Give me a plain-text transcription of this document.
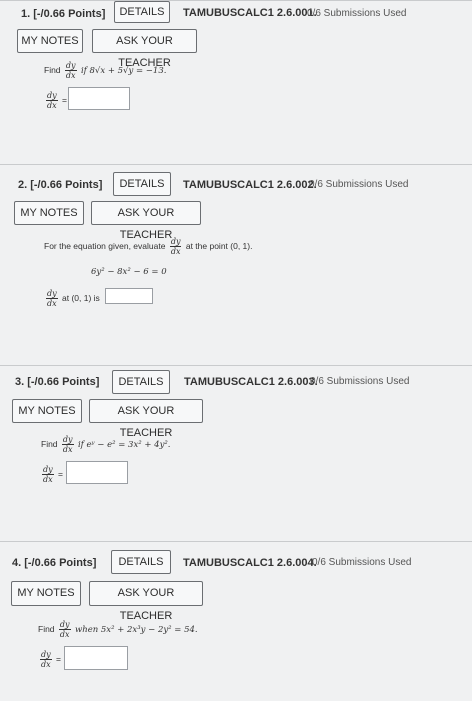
1. [-/0.66 Points]	DETAILS	TAMUBUSCALC1 2.6.001.
0/6 Submissions Used
MY NOTES	ASK YOUR TEACHER
Find $\frac{dy}{dx}$ if 8√x + 5√y = −13.
$\frac{dy}{dx}$ =
2. [-/0.66 Points]	DETAILS	TAMUBUSCALC1 2.6.002.
0/6 Submissions Used
MY NOTES	ASK YOUR TEACHER
For the equation given, evaluate $\frac{dy}{dx}$ at the point (0, 1).
6y² − 8x² − 6 = 0
$\frac{dy}{dx}$ at (0, 1) is
3. [-/0.66 Points]	DETAILS	TAMUBUSCALC1 2.6.003.
0/6 Submissions Used
MY NOTES	ASK YOUR TEACHER
Find $\frac{dy}{dx}$ if eʸ − e² = 3x² + 4y².
$\frac{dy}{dx}$ =
4. [-/0.66 Points]	DETAILS	TAMUBUSCALC1 2.6.004.
0/6 Submissions Used
MY NOTES	ASK YOUR TEACHER
Find $\frac{dy}{dx}$ when 5x² + 2x³y − 2y² = 54.
$\frac{dy}{dx}$ =
